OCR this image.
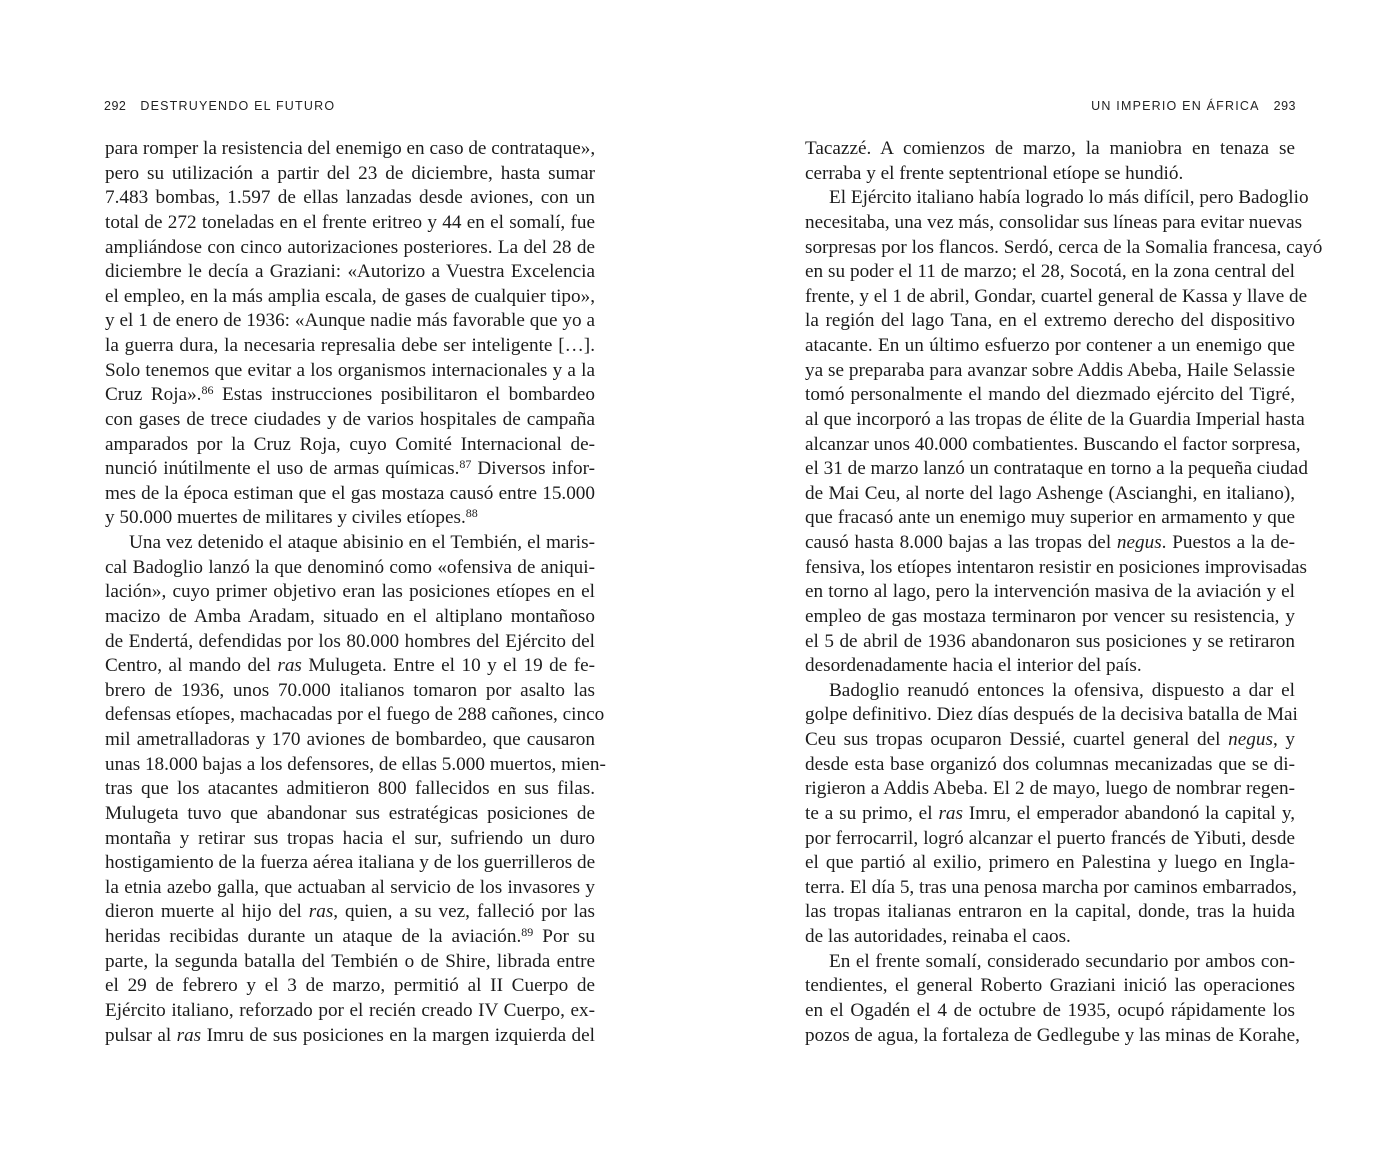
292 DESTRUYENDO EL FUTURO	UN IMPERIO EN ÁFRICA 293
para romper la resistencia del enemigo en caso de contrataque»,
pero su utilización a partir del 23 de diciembre, hasta sumar
7.483 bombas, 1.597 de ellas lanzadas desde aviones, con un
total de 272 toneladas en el frente eritreo y 44 en el somalí, fue
ampliándose con cinco autorizaciones posteriores. La del 28 de
diciembre le decía a Graziani: «Autorizo a Vuestra Excelencia
el empleo, en la más amplia escala, de gases de cualquier tipo»,
y el 1 de enero de 1936: «Aunque nadie más favorable que yo a
la guerra dura, la necesaria represalia debe ser inteligente […].
Solo tenemos que evitar a los organismos internacionales y a la
Cruz Roja».$^{86}$ Estas instrucciones posibilitaron el bombardeo
con gases de trece ciudades y de varios hospitales de campaña
amparados por la Cruz Roja, cuyo Comité Internacional de-
nunció inútilmente el uso de armas químicas.$^{87}$ Diversos infor-
mes de la época estiman que el gas mostaza causó entre 15.000
y 50.000 muertes de militares y civiles etíopes.$^{88}$
Una vez detenido el ataque abisinio en el Tembién, el maris-
cal Badoglio lanzó la que denominó como «ofensiva de aniqui-
lación», cuyo primer objetivo eran las posiciones etíopes en el
macizo de Amba Aradam, situado en el altiplano montañoso
de Endertá, defendidas por los 80.000 hombres del Ejército del
Centro, al mando del ras Mulugeta. Entre el 10 y el 19 de fe-
brero de 1936, unos 70.000 italianos tomaron por asalto las
defensas etíopes, machacadas por el fuego de 288 cañones, cinco
mil ametralladoras y 170 aviones de bombardeo, que causaron
unas 18.000 bajas a los defensores, de ellas 5.000 muertos, mien-
tras que los atacantes admitieron 800 fallecidos en sus filas.
Mulugeta tuvo que abandonar sus estratégicas posiciones de
montaña y retirar sus tropas hacia el sur, sufriendo un duro
hostigamiento de la fuerza aérea italiana y de los guerrilleros de
la etnia azebo galla, que actuaban al servicio de los invasores y
dieron muerte al hijo del ras, quien, a su vez, falleció por las
heridas recibidas durante un ataque de la aviación.$^{89}$ Por su
parte, la segunda batalla del Tembién o de Shire, librada entre
el 29 de febrero y el 3 de marzo, permitió al II Cuerpo de
Ejército italiano, reforzado por el recién creado IV Cuerpo, ex-
pulsar al ras Imru de sus posiciones en la margen izquierda del
Tacazzé. A comienzos de marzo, la maniobra en tenaza se
cerraba y el frente septentrional etíope se hundió.
El Ejército italiano había logrado lo más difícil, pero Badoglio
necesitaba, una vez más, consolidar sus líneas para evitar nuevas
sorpresas por los flancos. Serdó, cerca de la Somalia francesa, cayó
en su poder el 11 de marzo; el 28, Socotá, en la zona central del
frente, y el 1 de abril, Gondar, cuartel general de Kassa y llave de
la región del lago Tana, en el extremo derecho del dispositivo
atacante. En un último esfuerzo por contener a un enemigo que
ya se preparaba para avanzar sobre Addis Abeba, Haile Selassie
tomó personalmente el mando del diezmado ejército del Tigré,
al que incorporó a las tropas de élite de la Guardia Imperial hasta
alcanzar unos 40.000 combatientes. Buscando el factor sorpresa,
el 31 de marzo lanzó un contrataque en torno a la pequeña ciudad
de Mai Ceu, al norte del lago Ashenge (Ascianghi, en italiano),
que fracasó ante un enemigo muy superior en armamento y que
causó hasta 8.000 bajas a las tropas del negus. Puestos a la de-
fensiva, los etíopes intentaron resistir en posiciones improvisadas
en torno al lago, pero la intervención masiva de la aviación y el
empleo de gas mostaza terminaron por vencer su resistencia, y
el 5 de abril de 1936 abandonaron sus posiciones y se retiraron
desordenadamente hacia el interior del país.
Badoglio reanudó entonces la ofensiva, dispuesto a dar el
golpe definitivo. Diez días después de la decisiva batalla de Mai
Ceu sus tropas ocuparon Dessié, cuartel general del negus, y
desde esta base organizó dos columnas mecanizadas que se di-
rigieron a Addis Abeba. El 2 de mayo, luego de nombrar regen-
te a su primo, el ras Imru, el emperador abandonó la capital y,
por ferrocarril, logró alcanzar el puerto francés de Yibuti, desde
el que partió al exilio, primero en Palestina y luego en Ingla-
terra. El día 5, tras una penosa marcha por caminos embarrados,
las tropas italianas entraron en la capital, donde, tras la huida
de las autoridades, reinaba el caos.
En el frente somalí, considerado secundario por ambos con-
tendientes, el general Roberto Graziani inició las operaciones
en el Ogadén el 4 de octubre de 1935, ocupó rápidamente los
pozos de agua, la fortaleza de Gedlegube y las minas de Korahe,
